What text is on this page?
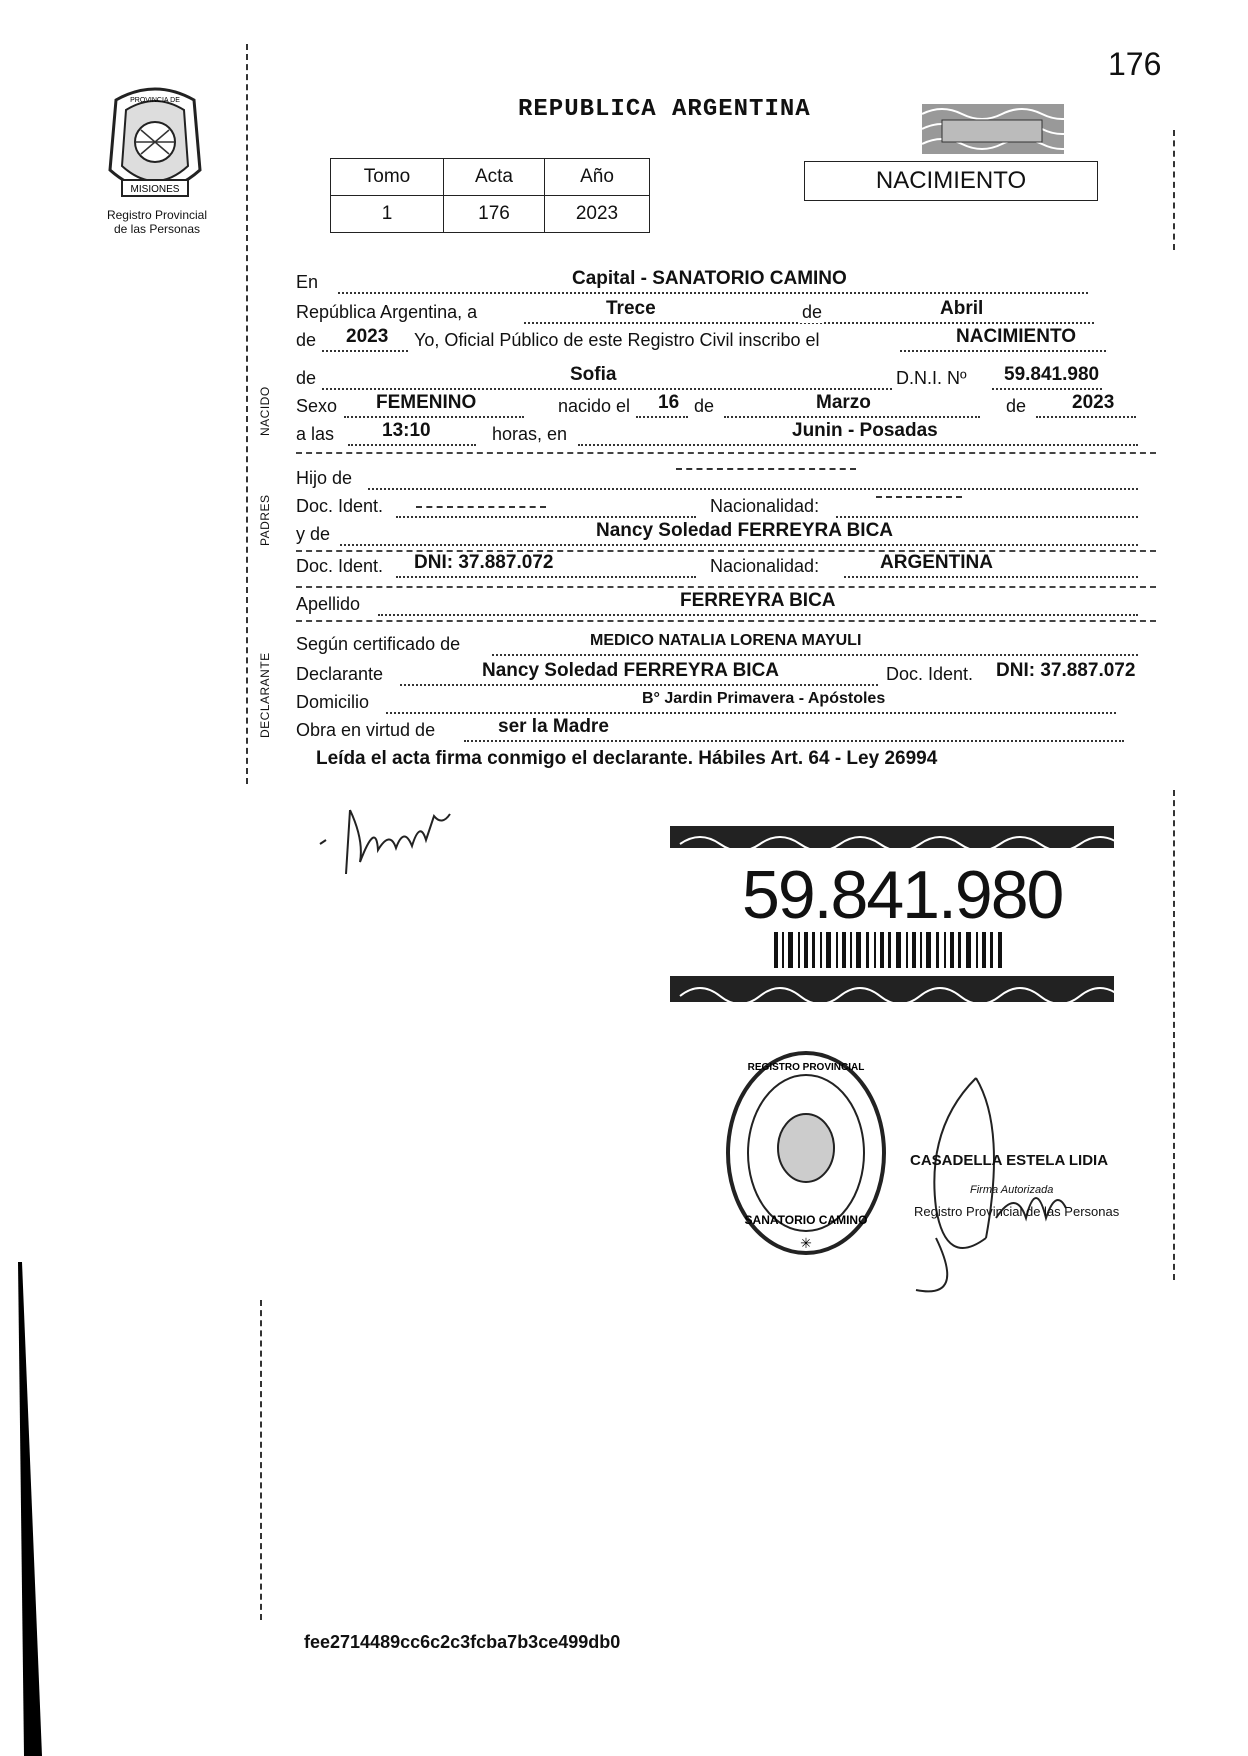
176
MISIONES
PROVINCIA DE
Registro Provincial
de las Personas
REPUBLICA ARGENTINA
Tomo	Acta	Año
1	176	2023
NACIMIENTO
NACIDO
PADRES
DECLARANTE
En	Capital - SANATORIO CAMINO
República Argentina, a	Trece	de	Abril
de 2023 Yo, Oficial Público de este Registro Civil inscribo el	NACIMIENTO
de	Sofia	D.N.I. Nº 59.841.980
Sexo FEMENINO	nacido el 16 de	Marzo	de 2023
a las	13:10	horas, en	Junin - Posadas
Hijo de
Doc. Ident.	Nacionalidad:
y de	Nancy Soledad FERREYRA BICA
Doc. Ident. DNI: 37.887.072	Nacionalidad:	ARGENTINA
Apellido	FERREYRA BICA
Según certificado de	MEDICO NATALIA LORENA MAYULI
Declarante	Nancy Soledad FERREYRA BICA	Doc. Ident. DNI: 37.887.072
Domicilio	B° Jardin Primavera - Apóstoles
Obra en virtud de	ser la Madre
Leída el acta firma conmigo el declarante. Hábiles Art. 64 - Ley 26994
59.841.980
SANATORIO CAMINO
REGISTRO PROVINCIAL
✳
CASADELLA ESTELA LIDIA
Firma Autorizada
Registro Provincial de las Personas
fee2714489cc6c2c3fcba7b3ce499db0
